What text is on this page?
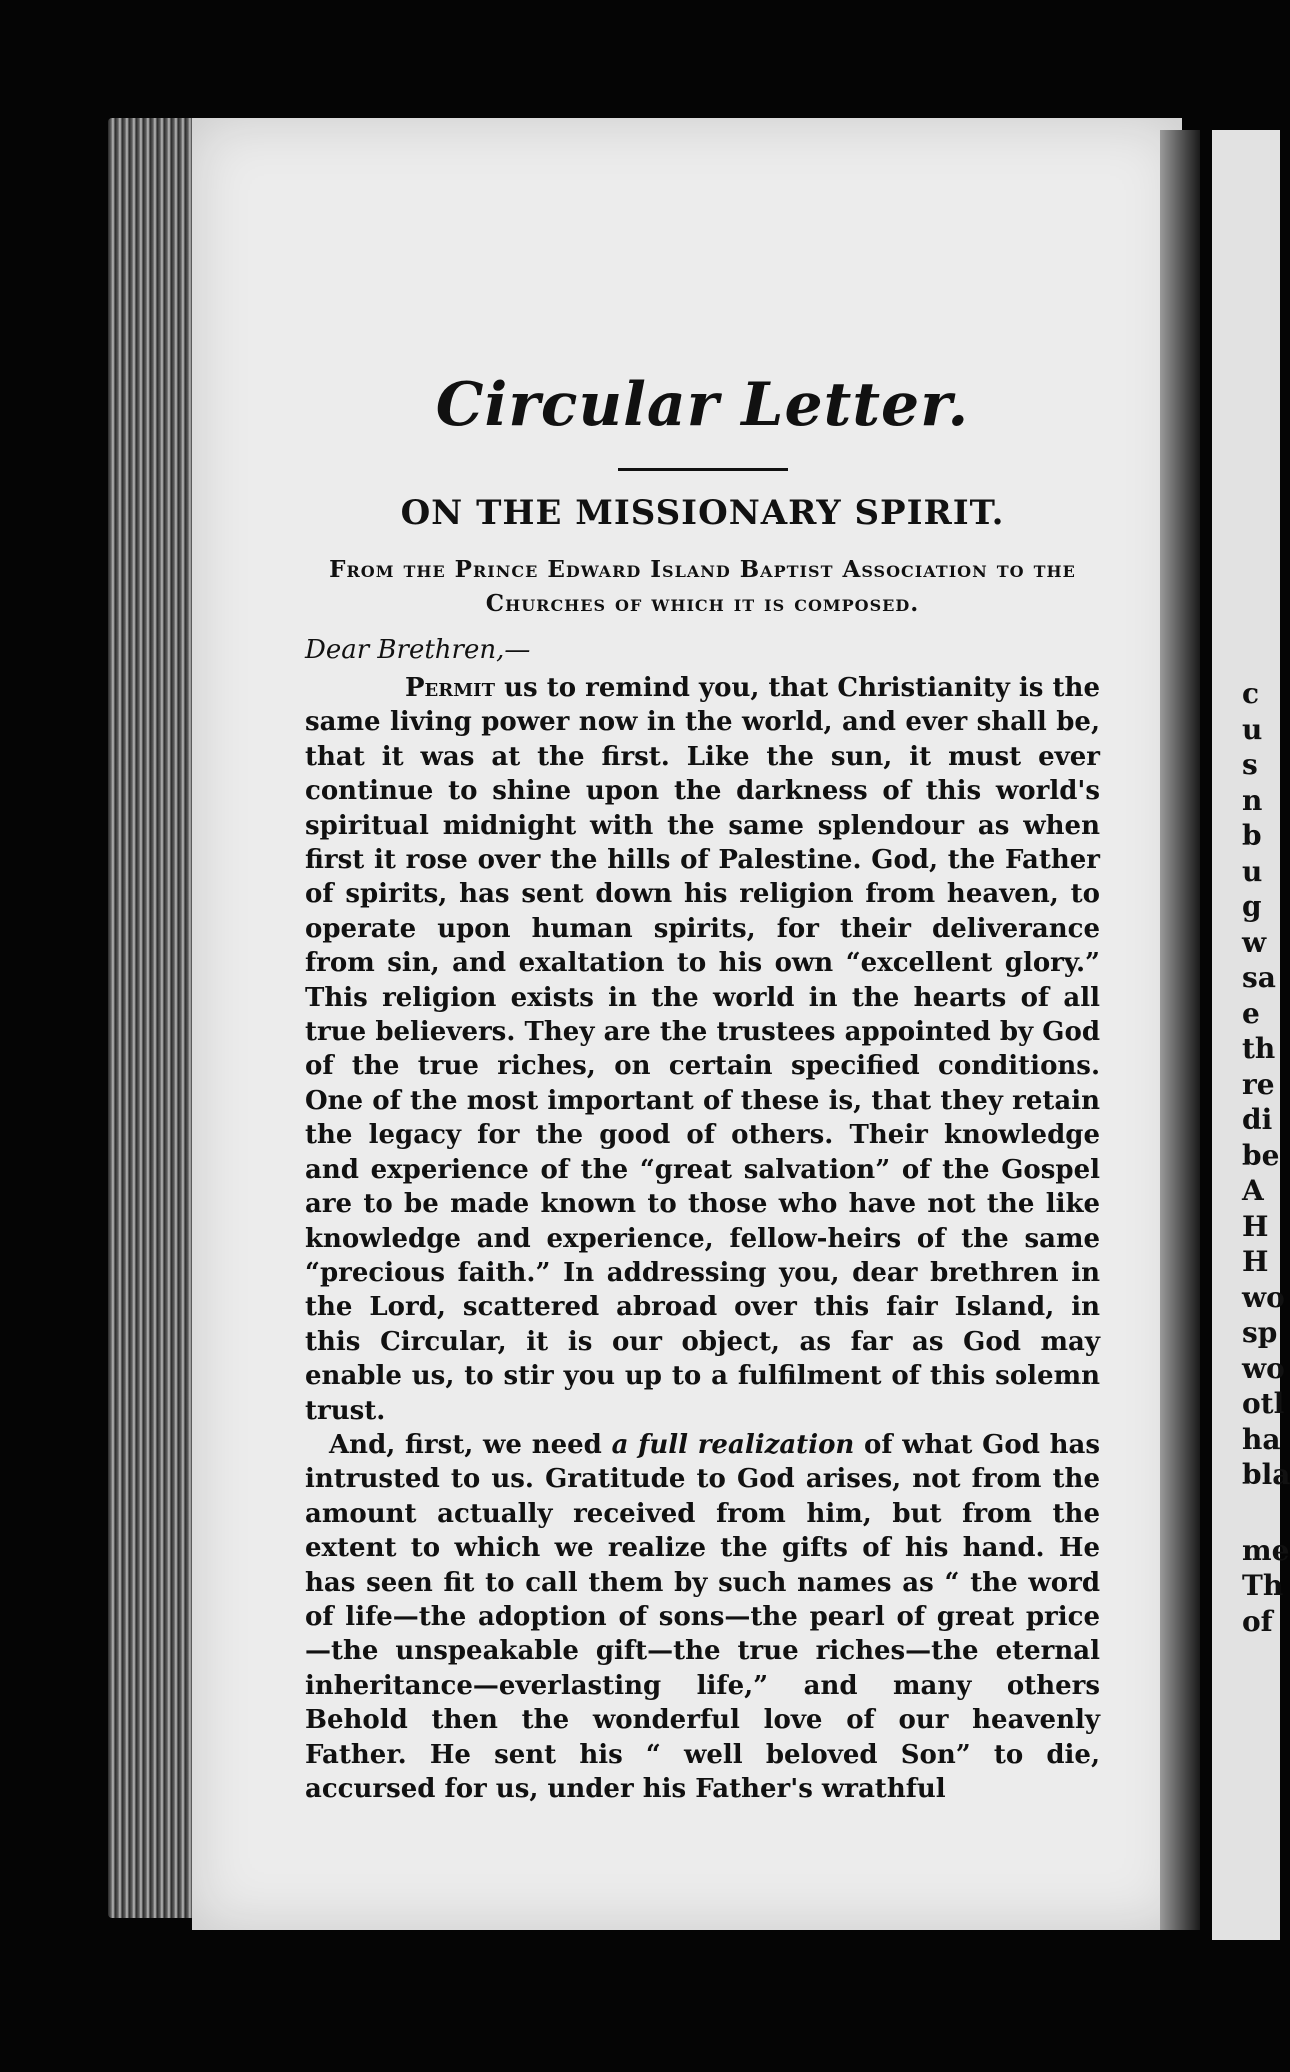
c
u
s
n
b
u
g
w
sa
e
th
re
di
be
A
H
H
wo
sp
wo
otl
ha
bla
me
Th
of
Circular Letter.
ON THE MISSIONARY SPIRIT.

From the Prince Edward Island Baptist Association to the Churches of which it is composed.

Dear Brethren,—

Permit us to remind you, that Christianity is the same living power now in the world, and ever shall be, that it was at the first. Like the sun, it must ever continue to shine upon the darkness of this world's spiritual midnight with the same splendour as when first it rose over the hills of Palestine. God, the Father of spirits, has sent down his religion from heaven, to operate upon human spirits, for their deliverance from sin, and exaltation to his own “excellent glory.” This religion exists in the world in the hearts of all true believers. They are the trustees appointed by God of the true riches, on certain specified conditions. One of the most important of these is, that they retain the legacy for the good of others. Their knowledge and experience of the “great salvation” of the Gospel are to be made known to those who have not the like knowledge and experience, fellow-heirs of the same “precious faith.” In addressing you, dear brethren in the Lord, scattered abroad over this fair Island, in this Circular, it is our object, as far as God may enable us, to stir you up to a fulfilment of this solemn trust.

And, first, we need a full realization of what God has intrusted to us. Gratitude to God arises, not from the amount actually received from him, but from the extent to which we realize the gifts of his hand. He has seen fit to call them by such names as “ the word of life—the adoption of sons—the pearl of great price—the unspeakable gift—the true riches—the eternal inheritance—everlasting life,” and many others Behold then the wonderful love of our heavenly Father. He sent his “ well beloved Son” to die, accursed for us, under his Father's wrathful
